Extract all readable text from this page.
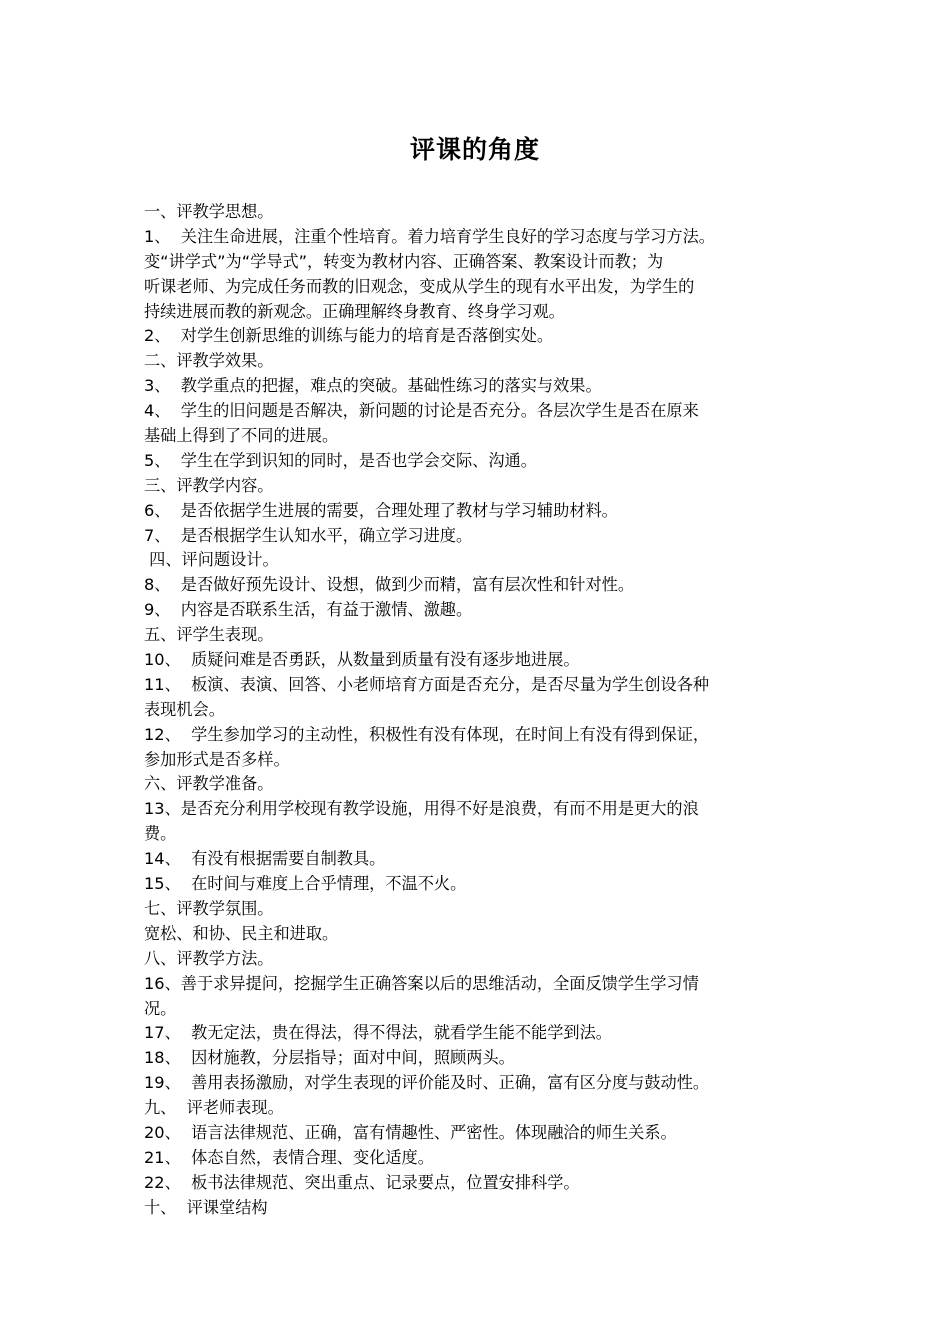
评课的角度
一、评教学思想。
1、  关注生命进展，注重个性培育。着力培育学生良好的学习态度与学习方法。
变“讲学式”为“学导式”，转变为教材内容、正确答案、教案设计而教；为
听课老师、为完成任务而教的旧观念，变成从学生的现有水平出发，为学生的
持续进展而教的新观念。正确理解终身教育、终身学习观。
2、  对学生创新思维的训练与能力的培育是否落倒实处。
二、评教学效果。
3、  教学重点的把握，难点的突破。基础性练习的落实与效果。
4、  学生的旧问题是否解决，新问题的讨论是否充分。各层次学生是否在原来
基础上得到了不同的进展。
5、  学生在学到识知的同时，是否也学会交际、沟通。
三、评教学内容。
6、  是否依据学生进展的需要，合理处理了教材与学习辅助材料。
7、  是否根据学生认知水平，确立学习进度。
四、评问题设计。
8、  是否做好预先设计、设想，做到少而精，富有层次性和针对性。
9、  内容是否联系生活，有益于激情、激趣。
五、评学生表现。
10、  质疑问难是否勇跃，从数量到质量有没有逐步地进展。
11、  板演、表演、回答、小老师培育方面是否充分，是否尽量为学生创设各种
表现机会。
12、  学生参加学习的主动性，积极性有没有体现，在时间上有没有得到保证，
参加形式是否多样。
六、评教学准备。
13、是否充分利用学校现有教学设施，用得不好是浪费，有而不用是更大的浪
费。
14、  有没有根据需要自制教具。
15、  在时间与难度上合乎情理，不温不火。
七、评教学氛围。
宽松、和协、民主和进取。
八、评教学方法。
16、善于求异提问，挖掘学生正确答案以后的思维活动，全面反馈学生学习情
况。
17、  教无定法，贵在得法，得不得法，就看学生能不能学到法。
18、  因材施教，分层指导；面对中间，照顾两头。
19、  善用表扬激励，对学生表现的评价能及时、正确，富有区分度与鼓动性。
九、  评老师表现。
20、  语言法律规范、正确，富有情趣性、严密性。体现融洽的师生关系。
21、  体态自然，表情合理、变化适度。
22、  板书法律规范、突出重点、记录要点，位置安排科学。
十、  评课堂结构
